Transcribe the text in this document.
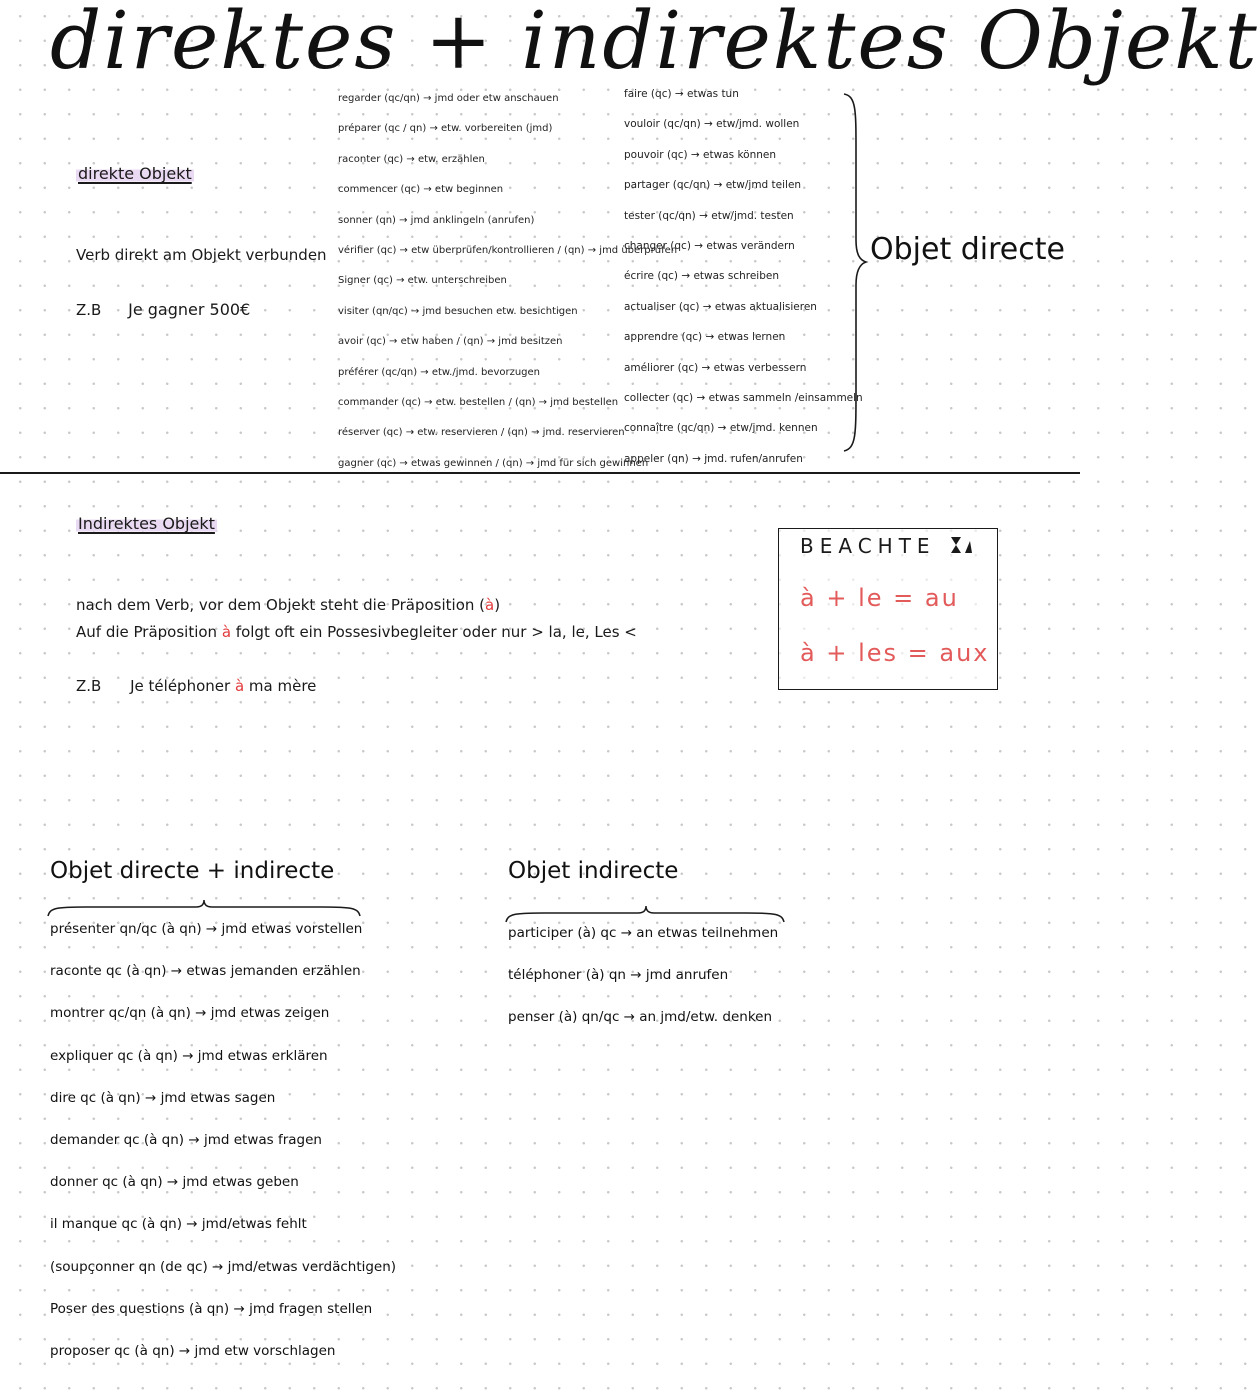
direktes + indirektes Objekt
direkte Objekt
Verb direkt am Objekt verbunden
Z.B Je gagner 500€
regarder (qc/qn) → jmd oder etw anschauen
préparer (qc / qn) → etw. vorbereiten (jmd)
raconter (qc) → etw. erzählen
commencer (qc) → etw beginnen
sonner (qn) → jmd anklingeln (anrufen)
vérifier (qc) → etw überprüfen/kontrollieren / (qn) → jmd überprüfen
Signer (qc) → etw. unterschreiben
visiter (qn/qc) → jmd besuchen etw. besichtigen
avoir (qc) → etw haben / (qn) → jmd besitzen
préférer (qc/qn) → etw./jmd. bevorzugen
commander (qc) → etw. bestellen / (qn) → jmd bestellen
réserver (qc) → etw. reservieren / (qn) → jmd. reservieren
gagner (qc) → etwas gewinnen / (qn) → jmd für sich gewinnen
faire (qc) → etwas tun
vouloir (qc/qn) → etw/jmd. wollen
pouvoir (qc) → etwas können
partager (qc/qn) → etw/jmd teilen
tester (qc/qn) → etw/jmd. testen
changer (qc) → etwas verändern
écrire (qc) → etwas schreiben
actualiser (qc) → etwas aktualisieren
apprendre (qc) → etwas lernen
améliorer (qc) → etwas verbessern
collecter (qc) → etwas sammeln /einsammeln
connaître (qc/qn) → etw/jmd. kennen
appeler (qn) → jmd. rufen/anrufen
Objet directe
Indirektes Objekt
nach dem Verb, vor dem Objekt steht die Präposition (à)
Auf die Präposition à folgt oft ein Possesivbegleiter oder nur > la, le, Les <
Z.B Je téléphoner à ma mère
BEACHTE
à + le = au
à + les = aux
Objet directe + indirecte
présenter qn/qc (à qn) → jmd etwas vorstellen
raconte qc (à qn) → etwas jemanden erzählen
montrer qc/qn (à qn) → jmd etwas zeigen
expliquer qc (à qn) → jmd etwas erklären
dire qc (à qn) → jmd etwas sagen
demander qc (à qn) → jmd etwas fragen
donner qc (à qn) → jmd etwas geben
il manque qc (à qn) → jmd/etwas fehlt
(soupçonner qn (de qc) → jmd/etwas verdächtigen)
Poser des questions (à qn) → jmd fragen stellen
proposer qc (à qn) → jmd etw vorschlagen
Objet indirecte
participer (à) qc → an etwas teilnehmen
téléphoner (à) qn → jmd anrufen
penser (à) qn/qc → an jmd/etw. denken
